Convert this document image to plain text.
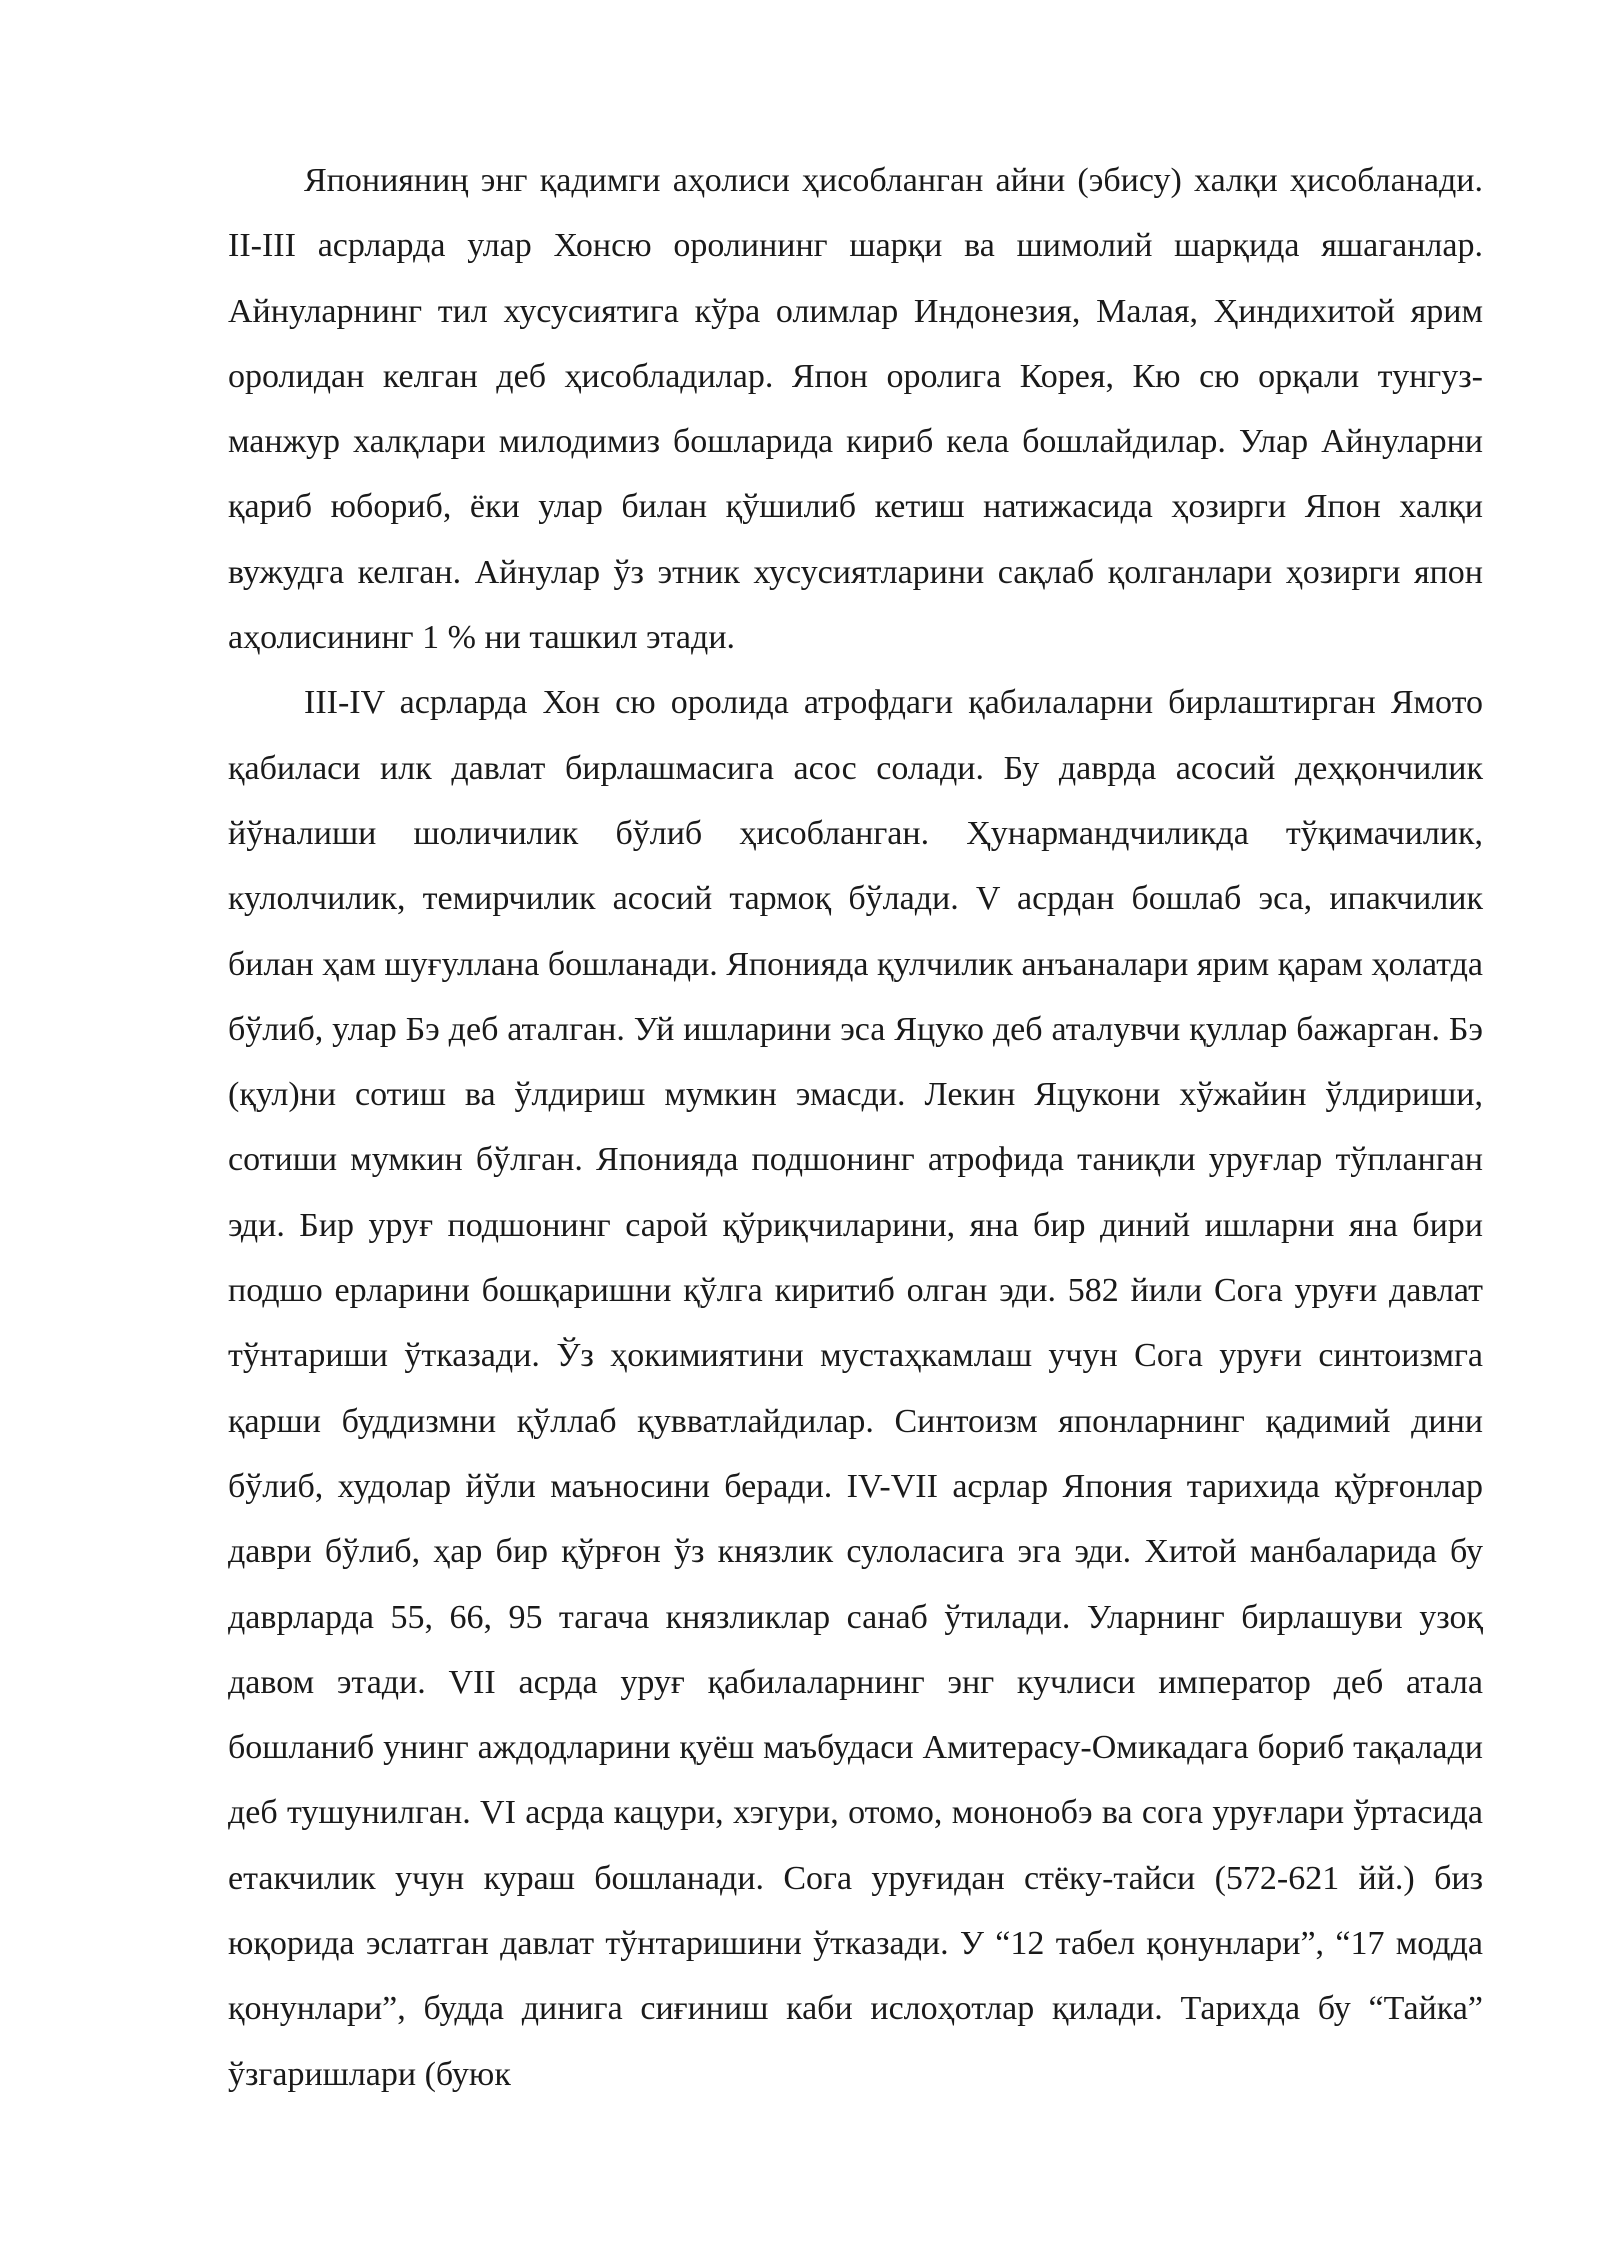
Японияниң энг қадимги аҳолиси ҳисобланган айни (эбису) халқи ҳисобланади. II-III асрларда улар Хонсю оролининг шарқи ва шимолий шарқида яшаганлар. Айнуларнинг тил хусусиятига кўра олимлар Индонезия, Малая, Ҳиндихитой ярим оролидан келган деб ҳисобладилар. Япон оролига Корея, Кю сю орқали тунгуз-манжур халқлари милодимиз бошларида кириб кела бошлайдилар. Улар Айнуларни қариб юбориб, ёки улар билан қўшилиб кетиш натижасида ҳозирги Япон халқи вужудга келган. Айнулар ўз этник хусусиятларини сақлаб қолганлари ҳозирги япон аҳолисининг 1 % ни ташкил этади.

III-IV асрларда Хон сю оролида атрофдаги қабилаларни бирлаштирган Ямото қабиласи илк давлат бирлашмасига асос солади. Бу даврда асосий деҳқончилик йўналиши шоличилик бўлиб ҳисобланган. Ҳунармандчиликда тўқимачилик, кулолчилик, темирчилик асосий тармоқ бўлади. V асрдан бошлаб эса, ипакчилик билан ҳам шуғуллана бошланади. Японияда қулчилик анъаналари ярим қарам ҳолатда бўлиб, улар Бэ деб аталган. Уй ишларини эса Яцуко деб аталувчи қуллар бажарган. Бэ (қул)ни сотиш ва ўлдириш мумкин эмасди. Лекин Яцукони хўжайин ўлдириши, сотиши мумкин бўлган. Японияда подшонинг атрофида таниқли уруғлар тўпланган эди. Бир уруғ подшонинг сарой қўриқчиларини, яна бир диний ишларни яна бири подшо ерларини бошқаришни қўлга киритиб олган эди. 582 йили Сога уруғи давлат тўнтариши ўтказади. Ўз ҳокимиятини мустаҳкамлаш учун Сога уруғи синтоизмга қарши буддизмни қўллаб қувватлайдилар. Синтоизм японларнинг қадимий дини бўлиб, худолар йўли маъносини беради. IV-VII асрлар Япония тарихида қўрғонлар даври бўлиб, ҳар бир қўрғон ўз князлик сулоласига эга эди. Хитой манбаларида бу даврларда 55, 66, 95 тагача князликлар санаб ўтилади. Уларнинг бирлашуви узоқ давом этади. VII асрда уруғ қабилаларнинг энг кучлиси император деб атала бошланиб унинг аждодларини қуёш маъбудаси Амитерасу-Омикадага бориб тақалади деб тушунилган. VI асрда кацури, хэгури, отомо, мононобэ ва сога уруғлари ўртасида етакчилик учун кураш бошланади. Сога уруғидан стёку-тайси (572-621 йй.) биз юқорида эслатган давлат тўнтаришини ўтказади. У “12 табел қонунлари”, “17 модда қонунлари”, будда динига сиғиниш каби ислоҳотлар қилади. Тарихда бу “Тайка” ўзгаришлари (буюк
